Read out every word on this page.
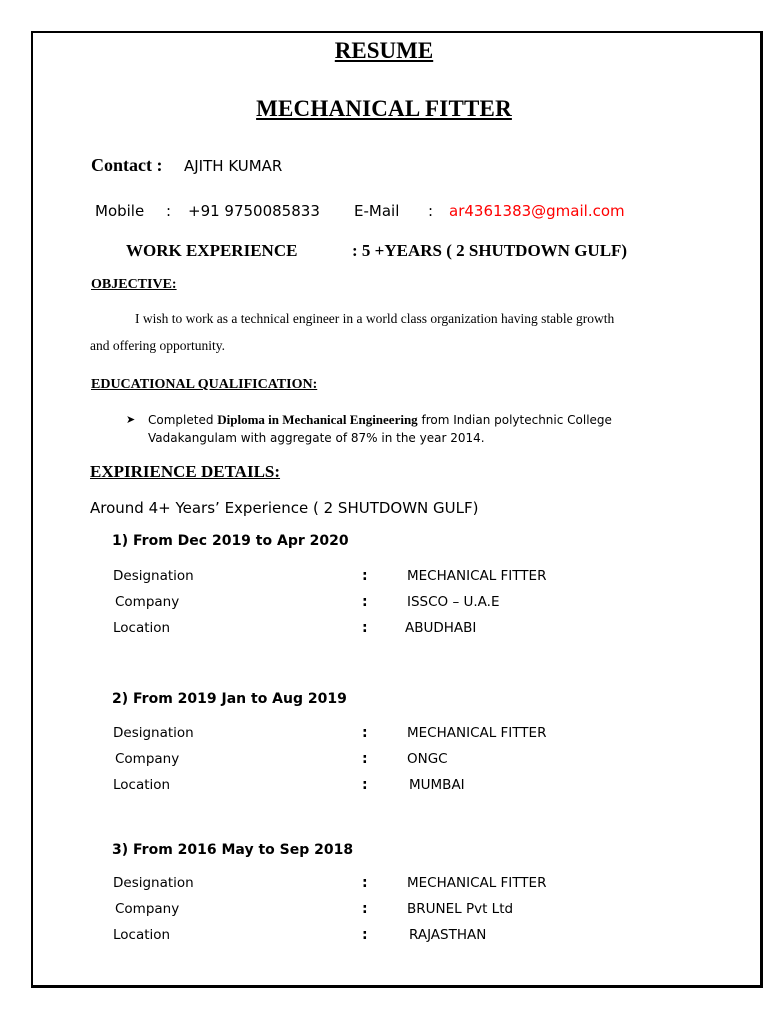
RESUME
MECHANICAL FITTER
Contact : AJITH KUMAR
Mobile : +91 9750085833 E-Mail : ar4361383@gmail.com
WORK EXPERIENCE	: 5 +YEARS ( 2 SHUTDOWN GULF)
OBJECTIVE:
I wish to work as a technical engineer in a world class organization having stable growth
and offering opportunity.
EDUCATIONAL QUALIFICATION:
➤ Completed Diploma in Mechanical Engineering from Indian polytechnic College
Vadakangulam with aggregate of 87% in the year 2014.
EXPIRIENCE DETAILS:
Around 4+ Years’ Experience ( 2 SHUTDOWN GULF)
1) From Dec 2019 to Apr 2020
Designation	:	MECHANICAL FITTER
Company	:	ISSCO – U.A.E
Location	:	ABUDHABI
2) From 2019 Jan to Aug 2019
Designation	:	MECHANICAL FITTER
Company	:	ONGC
Location	:	MUMBAI
3) From 2016 May to Sep 2018
Designation	:	MECHANICAL FITTER
Company	:	BRUNEL Pvt Ltd
Location	:	RAJASTHAN
